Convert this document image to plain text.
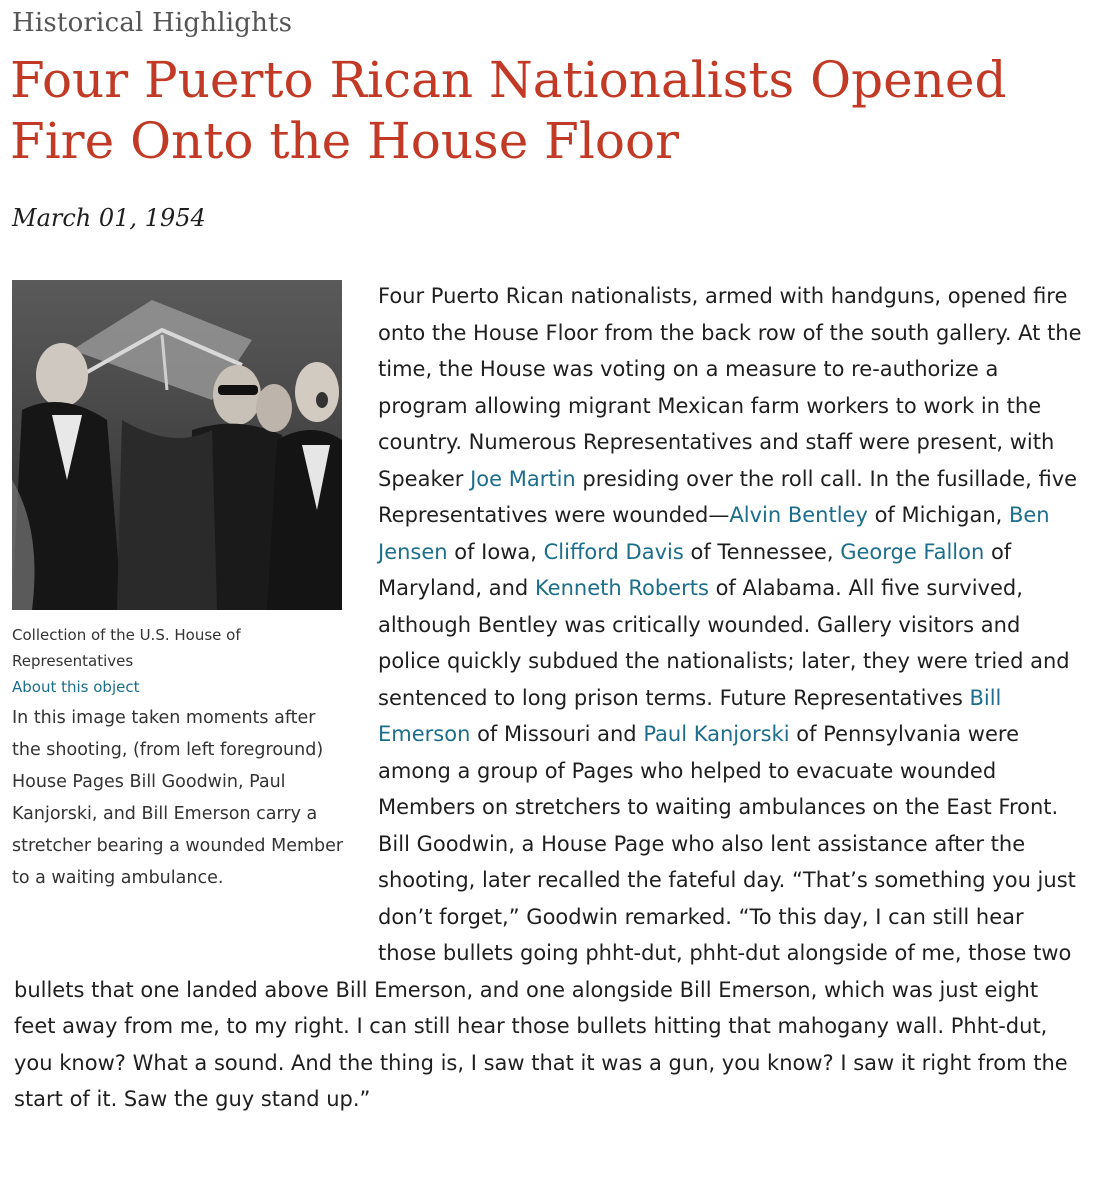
Historical Highlights
Four Puerto Rican Nationalists Opened Fire Onto the House Floor
March 01, 1954

Four Puerto Rican nationalists, armed with handguns, opened fire onto the House Floor from the back row of the south gallery. At the time, the House was voting on a measure to re-authorize a program allowing migrant Mexican farm workers to work in the country. Numerous Representatives and staff were present, with Speaker Joe Martin presiding over the roll call. In the fusillade, five Representatives were wounded—Alvin Bentley of Michigan, Ben Jensen of Iowa, Clifford Davis of Tennessee, George Fallon of Maryland, and Kenneth Roberts of Alabama. All five survived, although Bentley was critically wounded. Gallery visitors and police quickly subdued the nationalists; later, they were tried and sentenced to long prison terms. Future Representatives Bill Emerson of Missouri and Paul Kanjorski of Pennsylvania were among a group of Pages who helped to evacuate wounded Members on stretchers to waiting ambulances on the East Front. Bill Goodwin, a House Page who also lent assistance after the shooting, later recalled the fateful day. “That’s something you just don’t forget,” Goodwin remarked. “To this day, I can still hear those bullets going phht-dut, phht-dut alongside of me, those two bullets that one landed above Bill Emerson, and one alongside Bill Emerson, which was just eight feet away from me, to my right. I can still hear those bullets hitting that mahogany wall. Phht-dut, you know? What a sound. And the thing is, I saw that it was a gun, you know? I saw it right from the start of it. Saw the guy stand up.”

Collection of the U.S. House of Representatives
About this object
In this image taken moments after the shooting, (from left foreground) House Pages Bill Goodwin, Paul Kanjorski, and Bill Emerson carry a stretcher bearing a wounded Member to a waiting ambulance.
